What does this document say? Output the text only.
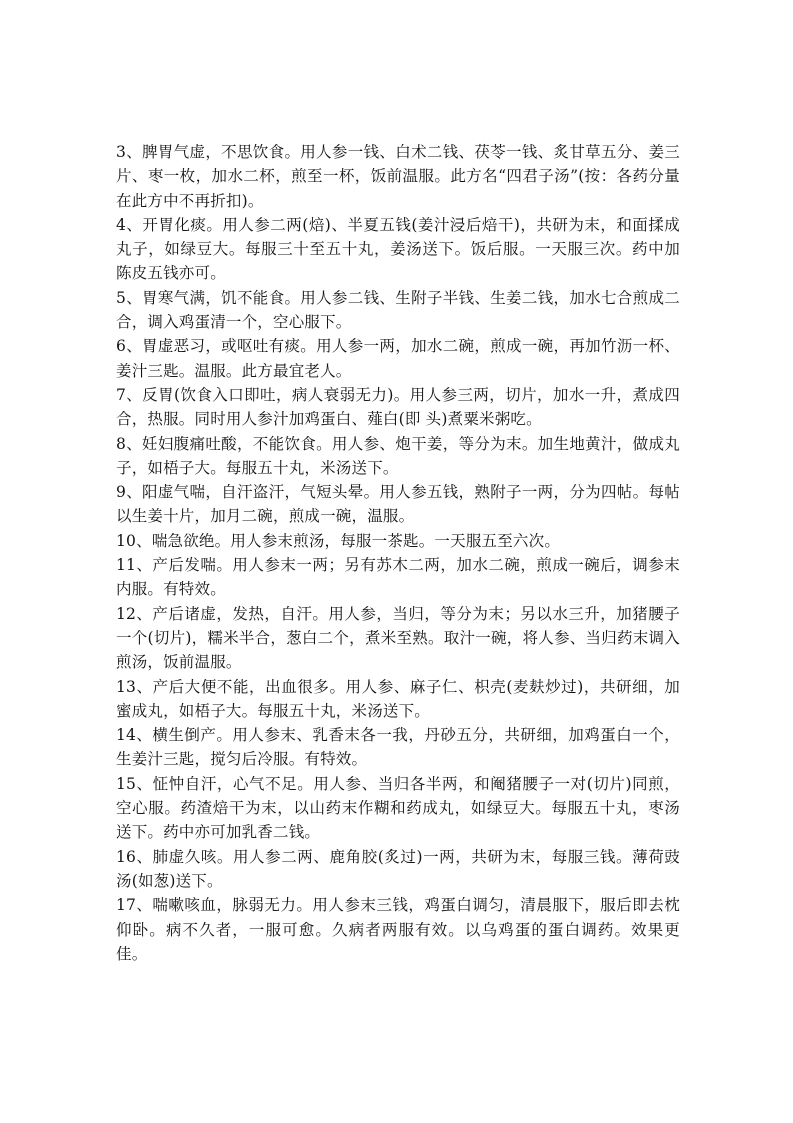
3、脾胃气虚，不思饮食。用人参一钱、白术二钱、茯苓一钱、炙甘草五分、姜三片、枣一枚，加水二杯，煎至一杯，饭前温服。此方名“四君子汤”(按：各药分量在此方中不再折扣)。

4、开胃化痰。用人参二两(焙)、半夏五钱(姜汁浸后焙干)，共研为末，和面揉成丸子，如绿豆大。每服三十至五十丸，姜汤送下。饭后服。一天服三次。药中加陈皮五钱亦可。

5、胃寒气满，饥不能食。用人参二钱、生附子半钱、生姜二钱，加水七合煎成二合，调入鸡蛋清一个，空心服下。

6、胃虚恶习，或呕吐有痰。用人参一两，加水二碗，煎成一碗，再加竹沥一杯、姜汁三匙。温服。此方最宜老人。

7、反胃(饮食入口即吐，病人衰弱无力)。用人参三两，切片，加水一升，煮成四合，热服。同时用人参汁加鸡蛋白、薤白(即 头)煮粟米粥吃。

8、妊妇腹痛吐酸，不能饮食。用人参、炮干姜，等分为末。加生地黄汁，做成丸子，如梧子大。每服五十丸，米汤送下。

9、阳虚气喘，自汗盗汗，气短头晕。用人参五钱，熟附子一两，分为四帖。每帖以生姜十片，加月二碗，煎成一碗，温服。

10、喘急欲绝。用人参末煎汤，每服一茶匙。一天服五至六次。

11、产后发喘。用人参末一两；另有苏木二两，加水二碗，煎成一碗后，调参末内服。有特效。

12、产后诸虚，发热，自汗。用人参，当归，等分为末；另以水三升，加猪腰子一个(切片)，糯米半合，葱白二个，煮米至熟。取汁一碗，将人参、当归药末调入煎汤，饭前温服。

13、产后大便不能，出血很多。用人参、麻子仁、枳壳(麦麸炒过)，共研细，加蜜成丸，如梧子大。每服五十丸，米汤送下。

14、横生倒产。用人参末、乳香末各一我，丹砂五分，共研细，加鸡蛋白一个，生姜汁三匙，搅匀后冷服。有特效。

15、怔忡自汗，心气不足。用人参、当归各半两，和阉猪腰子一对(切片)同煎，空心服。药渣焙干为末，以山药末作糊和药成丸，如绿豆大。每服五十丸，枣汤送下。药中亦可加乳香二钱。

16、肺虚久咳。用人参二两、鹿角胶(炙过)一两，共研为末，每服三钱。薄荷豉汤(如葱)送下。

17、喘嗽咳血，脉弱无力。用人参末三钱，鸡蛋白调匀，清晨服下，服后即去枕仰卧。病不久者，一服可愈。久病者两服有效。以乌鸡蛋的蛋白调药。效果更佳。
